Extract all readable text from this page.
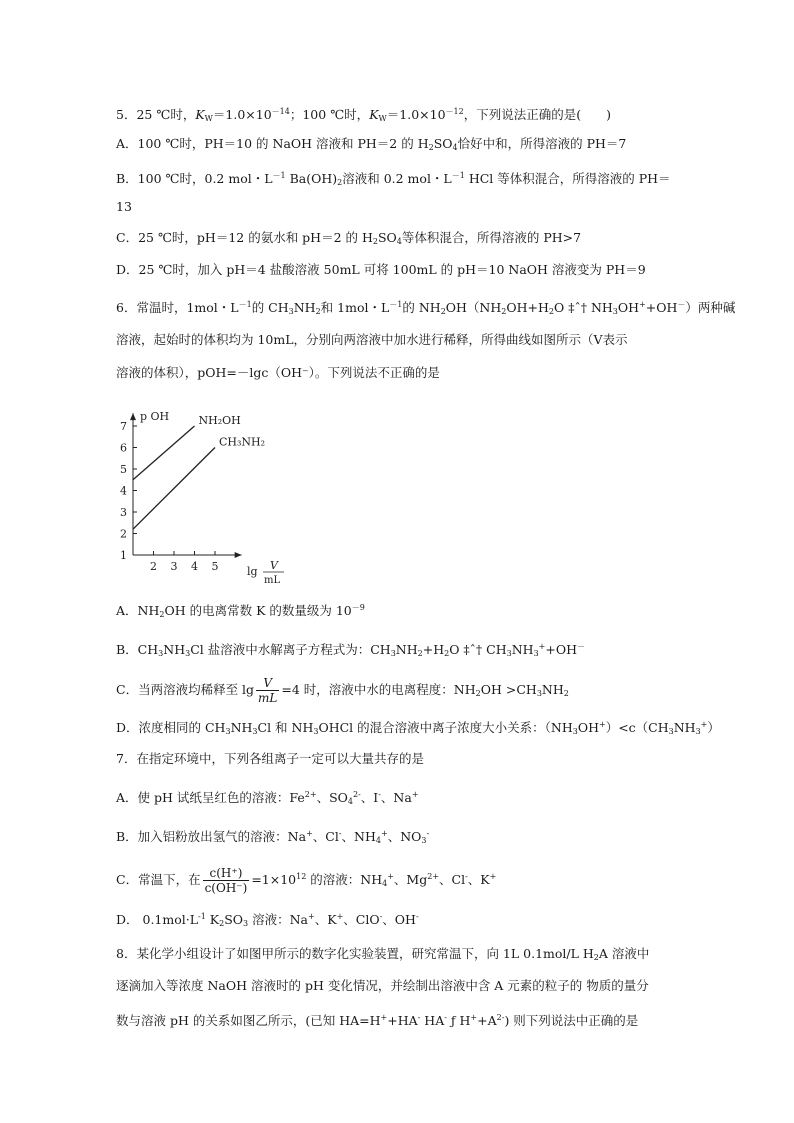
5．25 ℃时，$K_W=1.0\times 10^{-14}$；100 ℃时，$K_W=1.0\times 10^{-12}$，下列说法正确的是(　　)
A．100 ℃时，PH＝10 的 NaOH 溶液和 PH＝2 的 $H_2SO_4$恰好中和，所得溶液的 PH＝7
B．100 ℃时，0.2 mol・$L^{-1}$ $Ba(OH)_2$溶液和 0.2 mol・$L^{-1}$ HCl 等体积混合，所得溶液的 PH＝
13
C．25 ℃时，pH＝12 的氨水和 pH＝2 的 $H_2SO_4$等体积混合，所得溶液的 PH>7
D．25 ℃时，加入 pH＝4 盐酸溶液 50mL 可将 100mL 的 pH＝10 NaOH 溶液变为 PH＝9
6．常温时，1mol・$L^{-1}$的 $CH_3NH_2$和 1mol・$L^{-1}$的 $NH_2OH(NH_2OH+H_2O$ ‡ˆ† $NH_3OH^++OH^-$）两种碱
溶液，起始时的体积均为 10mL，分别向两溶液中加水进行稀释，所得曲线如图所示（V表示
溶液的体积），pOH=－lgc（OH⁻）。下列说法不正确的是
1
2
3
4
5
6
7
2 3 4 5
p OH
lg V
mL
NH₂OH
CH₃NH₂
A．$NH_2OH$ 的电离常数 K 的数量级为 $10^{-9}$
B．$CH_3NH_3Cl$ 盐溶液中水解离子方程式为：$CH_3NH_2+H_2O$ ‡ˆ† $CH_3NH_3^++OH^-$
C．当两溶液均稀释至 $\lg \frac{V}{mL} =4$ 时，溶液中水的电离程度：$NH_2OH >CH_3NH_2$
D．浓度相同的 $CH_3NH_3Cl$ 和 $NH_3OHCl$ 的混合溶液中离子浓度大小关系：$(NH_3OH^+)<c(CH_3NH_3^+)$
7．在指定环境中，下列各组离子一定可以大量共存的是
A．使 pH 试纸呈红色的溶液：$Fe^{2+}$、$SO_4^{2-}$、I-、Na+
B．加入铝粉放出氢气的溶液：Na+、Cl-、$NH_4^+$、$NO_3^-$
C．常温下，在 $\frac{c(H^+)}{c(OH^-)} =1\times 10^{12}$ 的溶液：$NH_4^+$、$Mg^{2+}$、Cl-、K+
D． $0.1mol\cdot L^{-1}$ $K_2SO_3$ 溶液：Na+、K+、ClO-、OH-
8．某化学小组设计了如图甲所示的数字化实验装置，研究常温下，向 1L 0.1mol/L $H_2A$ 溶液中
逐滴加入等浓度 NaOH 溶液时的 pH 变化情况，并绘制出溶液中含 A 元素的粒子的 物质的量分
数与溶液 pH 的关系如图乙所示，(已知 HA=H++HA- HA- ƒ $H^++A^{2-}$) 则下列说法中正确的是
